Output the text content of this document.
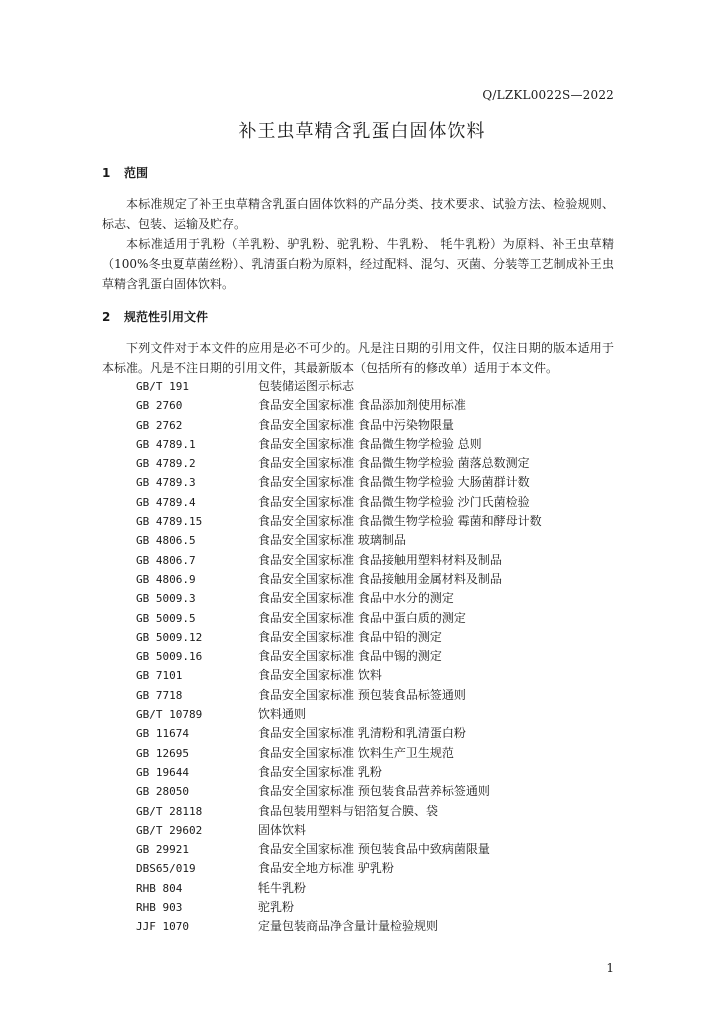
Q/LZKL0022S—2022
补王虫草精含乳蛋白固体饮料
1 范围
本标准规定了补王虫草精含乳蛋白固体饮料的产品分类、技术要求、试验方法、检验规则、标志、包装、运输及贮存。
本标准适用于乳粉（羊乳粉、驴乳粉、驼乳粉、牛乳粉、 牦牛乳粉）为原料、补王虫草精（100%冬虫夏草菌丝粉）、乳清蛋白粉为原料，经过配料、混匀、灭菌、分装等工艺制成补王虫草精含乳蛋白固体饮料。
2 规范性引用文件
下列文件对于本文件的应用是必不可少的。凡是注日期的引用文件，仅注日期的版本适用于本标准。凡是不注日期的引用文件，其最新版本（包括所有的修改单）适用于本文件。
GB/T 191	包装储运图示标志
GB 2760	食品安全国家标准 食品添加剂使用标准
GB 2762	食品安全国家标准 食品中污染物限量
GB 4789.1	食品安全国家标准 食品微生物学检验 总则
GB 4789.2	食品安全国家标准 食品微生物学检验 菌落总数测定
GB 4789.3	食品安全国家标准 食品微生物学检验 大肠菌群计数
GB 4789.4	食品安全国家标准 食品微生物学检验 沙门氏菌检验
GB 4789.15	食品安全国家标准 食品微生物学检验 霉菌和酵母计数
GB 4806.5	食品安全国家标准 玻璃制品
GB 4806.7	食品安全国家标准 食品接触用塑料材料及制品
GB 4806.9	食品安全国家标准 食品接触用金属材料及制品
GB 5009.3	食品安全国家标准 食品中水分的测定
GB 5009.5	食品安全国家标准 食品中蛋白质的测定
GB 5009.12	食品安全国家标准 食品中铅的测定
GB 5009.16	食品安全国家标准 食品中锡的测定
GB 7101	食品安全国家标准 饮料
GB 7718	食品安全国家标准 预包装食品标签通则
GB/T 10789	饮料通则
GB 11674	食品安全国家标准 乳清粉和乳清蛋白粉
GB 12695	食品安全国家标准 饮料生产卫生规范
GB 19644	食品安全国家标准 乳粉
GB 28050	食品安全国家标准 预包装食品营养标签通则
GB/T 28118	食品包装用塑料与铝箔复合膜、袋
GB/T 29602	固体饮料
GB 29921	食品安全国家标准 预包装食品中致病菌限量
DBS65/019	食品安全地方标准 驴乳粉
RHB 804	牦牛乳粉
RHB 903	驼乳粉
JJF 1070	定量包装商品净含量计量检验规则
1
